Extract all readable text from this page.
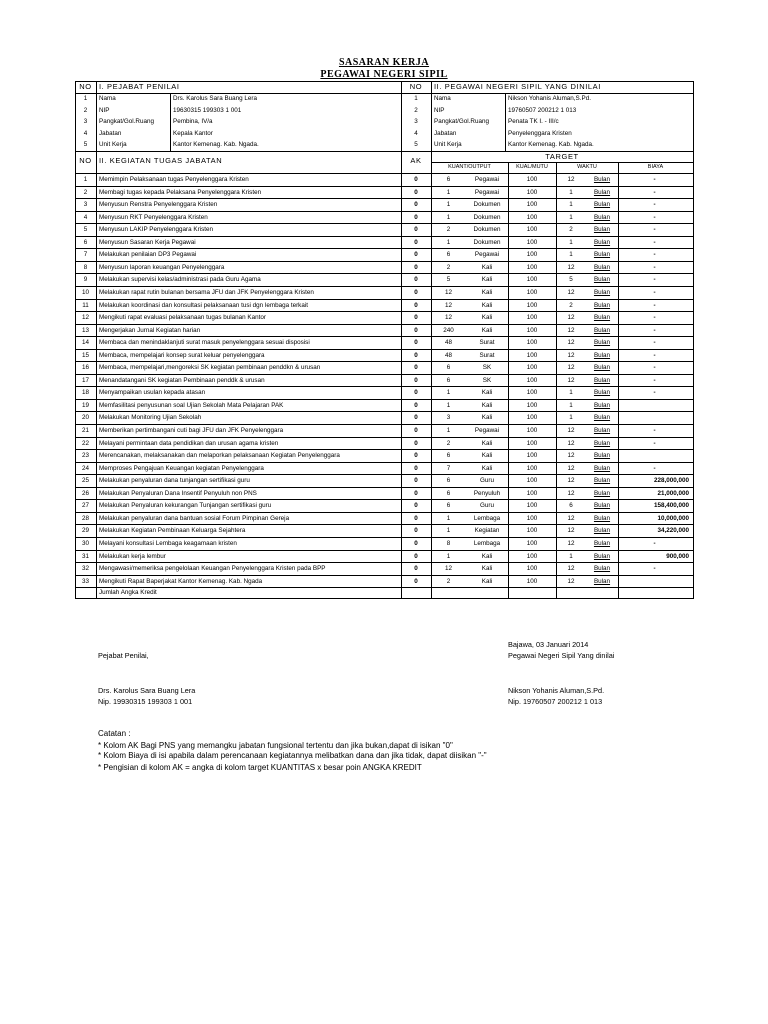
SASARAN KERJA
PEGAWAI NEGERI SIPIL
NO I. PEJABAT PENILAI	NO	II. PEGAWAI NEGERI SIPIL YANG DINILAI
1	Nama	Drs. Karolus Sara Buang Lera	1	Nama	Nikson Yohanis Aluman,S.Pd.
2	NIP	19630315 199303 1 001	2	NIP	19760507 200212 1 013
3	Pangkat/Gol.Ruang	Pembina, IV/a	3	Pangkat/Gol.Ruang	Penata TK I. - III/c
4	Jabatan	Kepala Kantor	4	Jabatan	Penyelenggara Kristen
5	Unit Kerja	Kantor Kemenag. Kab. Ngada.	5	Unit Kerja	Kantor Kemenag. Kab. Ngada.
NO II. KEGIATAN TUGAS JABATAN	AK	TARGET
KUANT/OUTPUT	KUAL/MUTU	WAKTU	BIAYA
1	Memimpin Pelaksanaan tugas Penyelenggara Kristen	0	6	Pegawai	100	12	Bulan	-
2	Membagi tugas kepada Pelaksana Penyelenggara Kristen	0	1	Pegawai	100	1	Bulan	-
3	Menyusun Renstra Penyelenggara Kristen	0	1	Dokumen	100	1	Bulan	-
4	Menyusun RKT Penyelenggara Kristen	0	1	Dokumen	100	1	Bulan	-
5	Menyusun LAKIP Penyelenggara Kristen	0	2	Dokumen	100	2	Bulan	-
6	Menyusun Sasaran Kerja Pegawai	0	1	Dokumen	100	1	Bulan	-
7	Melakukan penilaian DP3 Pegawai	0	6	Pegawai	100	1	Bulan	-
8	Menyusun laporan keuangan Penyelenggara	0	2	Kali	100	12	Bulan	-
9	Melakukan supervisi kelas/administrasi pada Guru Agama	0	5	Kali	100	5	Bulan	-
10	Melakukan rapat rutin bulanan bersama JFU dan JFK Penyelenggara Kristen	0	12	Kali	100	12	Bulan	-
11	Melakukan koordinasi dan konsultasi pelaksanaan tusi dgn lembaga terkait	0	12	Kali	100	2	Bulan	-
12	Mengikuti rapat evaluasi pelaksanaan tugas bulanan Kantor	0	12	Kali	100	12	Bulan	-
13	Mengerjakan Jurnal Kegiatan harian	0	240	Kali	100	12	Bulan	-
14	Membaca dan menindaklanjuti surat masuk penyelenggara sesuai disposisi	0	48	Surat	100	12	Bulan	-
15	Membaca, mempelajari konsep surat keluar penyelenggara	0	48	Surat	100	12	Bulan	-
16	Membaca, mempelajari,mengoreksi SK kegiatan pembinaan penddkn & urusan	0	6	SK	100	12	Bulan	-
17	Menandatangani SK kegiatan Pembinaan penddk & urusan	0	6	SK	100	12	Bulan	-
18	Menyampaikan usulan kepada atasan	0	1	Kali	100	1	Bulan	-
19	Memfasilitasi penyusunan soal Ujian Sekolah Mata Pelajaran PAK	0	1	Kali	100	1	Bulan
20	Melakukan Monitoring Ujian Sekolah	0	3	Kali	100	1	Bulan
21	Memberikan pertimbangani cuti bagi JFU dan JFK Penyelenggara	0	1	Pegawai	100	12	Bulan	-
22	Melayani permintaan data pendidikan dan urusan agama kristen	0	2	Kali	100	12	Bulan	-
23	Merencanakan, melaksanakan dan melaporkan pelaksanaan Kegiatan Penyelenggara	0	6	Kali	100	12	Bulan
24	Memproses Pengajuan Keuangan kegiatan Penyelenggara	0	7	Kali	100	12	Bulan	-
25	Melakukan penyaluran dana tunjangan sertifikasi guru	0	6	Guru	100	12	Bulan	228,000,000
26	Melakukan Penyaluran Dana Insentif Penyuluh non PNS	0	6	Penyuluh	100	12	Bulan	21,000,000
27	Melakukan Penyaluran kekurangan Tunjangan sertifikasi guru	0	6	Guru	100	6	Bulan	158,400,000
28	Melakukan penyaluran dana bantuan sosial Forum Pimpinan Gereja	0	1	Lembaga	100	12	Bulan	10,000,000
29	Melakukan Kegiatan Pembinaan Keluarga Sejahtera	0	1	Kegiatan	100	12	Bulan	34,220,000
30	Melayani konsultasi Lembaga keagamaan kristen	0	8	Lembaga	100	12	Bulan	-
31	Melakukan kerja lembur	0	1	Kali	100	1	Bulan	900,000
32	Mengawasi/memeriksa pengelolaan Keuangan Penyelenggara Kristen pada BPP	0	12	Kali	100	12	Bulan	-
33	Mengikuti Rapat Baperjakat Kantor Kemenag. Kab. Ngada	0	2	Kali	100	12	Bulan
Jumlah Angka Kredit
Bajawa, 03 Januari 2014
Pejabat Penilai,	Pegawai Negeri Sipil Yang dinilai
Drs. Karolus Sara Buang Lera
Nip. 19930315 199303 1 001
Nikson Yohanis Aluman,S.Pd.
Nip. 19760507 200212 1 013
Catatan :
* Kolom AK Bagi PNS yang memangku jabatan fungsional tertentu dan jika bukan,dapat di isikan "0"
* Kolom Biaya di isi apabila dalam perencanaan kegiatannya melibatkan dana dan jika tidak, dapat diisikan "-"
* Pengisian di kolom AK = angka di kolom target KUANTITAS x besar poin ANGKA KREDIT
